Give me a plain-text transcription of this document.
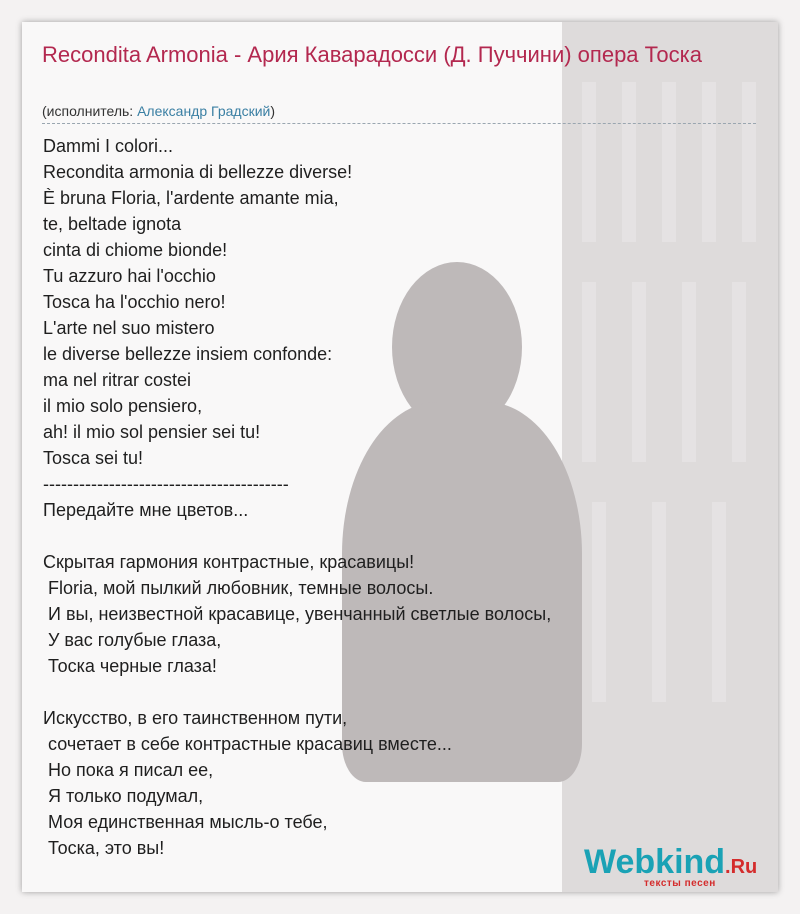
Recondita Armonia - Ария Каварадосси (Д. Пуччини) опера Тоска
(исполнитель: Александр Градский)
Dammi I colori...
Recondita armonia di bellezze diverse!
È bruna Floria, l'ardente amante mia,
te, beltade ignota
cinta di chiome bionde!
Tu azzuro hai l'occhio
Tosca ha l'occhio nero!
L'arte nel suo mistero
le diverse bellezze insiem confonde:
ma nel ritrar costei
il mio solo pensiero,
ah! il mio sol pensier sei tu!
Tosca sei tu!
-----------------------------------------
Передайте мне цветов...
Скрытая гармония контрастные, красавицы!
Floria, мой пылкий любовник, темные волосы.
И вы, неизвестной красавице, увенчанный светлые волосы,
У вас голубые глаза,
Тоска черные глаза!
Искусство, в его таинственном пути,
сочетает в себе контрастные красавиц вместе...
Но пока я писал ее,
Я только подумал,
Моя единственная мысль-о тебе,
Тоска, это вы!	Webkind.Ru
тексты песен
